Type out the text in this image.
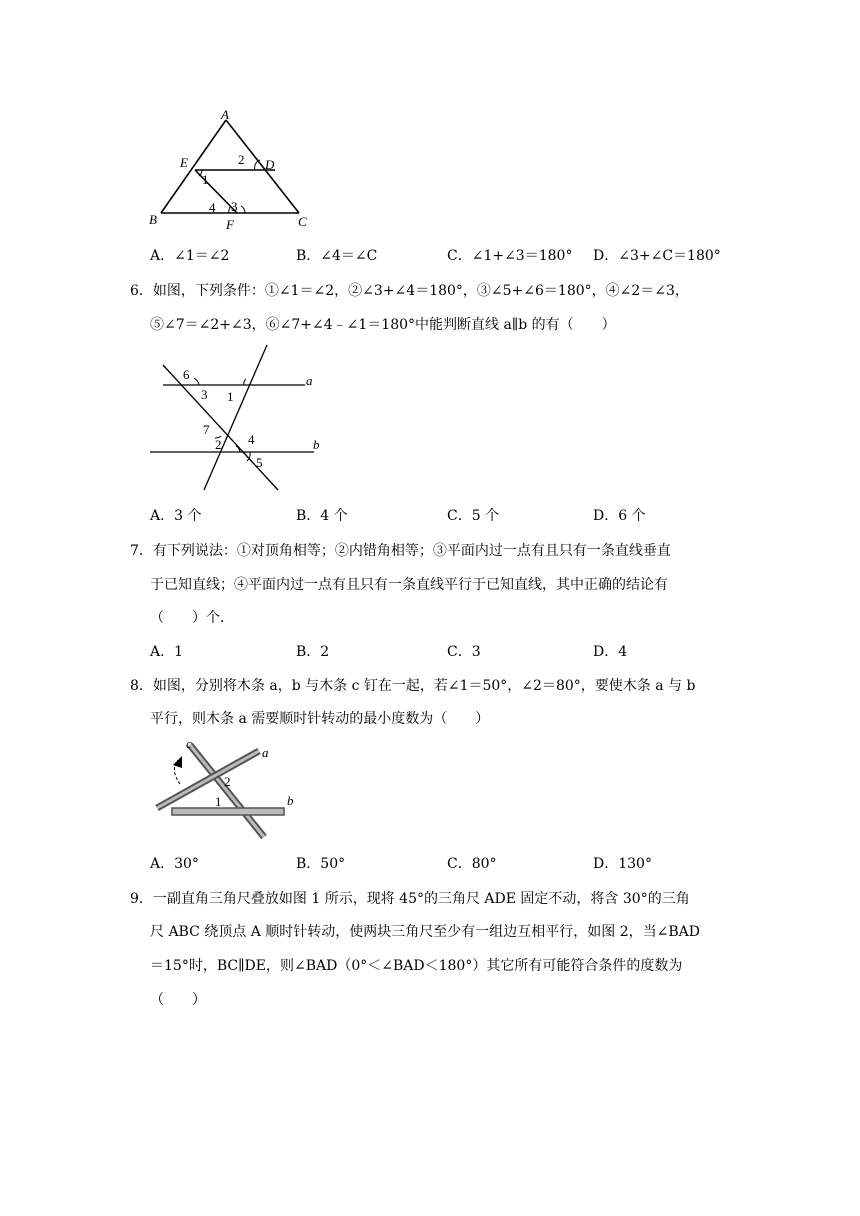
A
E	D
B	C
F
1
2
3
4
A．∠1＝∠2	B．∠4＝∠C	C．∠1+∠3＝180° D．∠3+∠C＝180°
6．如图，下列条件：①∠1＝∠2，②∠3+∠4＝180°，③∠5+∠6＝180°，④∠2＝∠3，
⑤∠7＝∠2+∠3，⑥∠7+∠4﹣∠1＝180°中能判断直线 a∥b 的有（　　）
a
b
6
3 1
7
2 4
5
A．3 个	B．4 个	C．5 个	D．6 个
7．有下列说法：①对顶角相等；②内错角相等；③平面内过一点有且只有一条直线垂直
于已知直线；④平面内过一点有且只有一条直线平行于已知直线，其中正确的结论有
（　　）个．
A．1	B．2	C．3	D．4
8．如图，分别将木条 a，b 与木条 c 钉在一起，若∠1＝50°，∠2＝80°，要使木条 a 与 b
平行，则木条 a 需要顺时针转动的最小度数为（　　）
c
a
b
2
1
A．30°	B．50°	C．80°	D．130°
9．一副直角三角尺叠放如图 1 所示，现将 45°的三角尺 ADE 固定不动，将含 30°的三角
尺 ABC 绕顶点 A 顺时针转动，使两块三角尺至少有一组边互相平行，如图 2，当∠BAD
＝15°时，BC∥DE，则∠BAD（0°＜∠BAD＜180°）其它所有可能符合条件的度数为
（　　）
